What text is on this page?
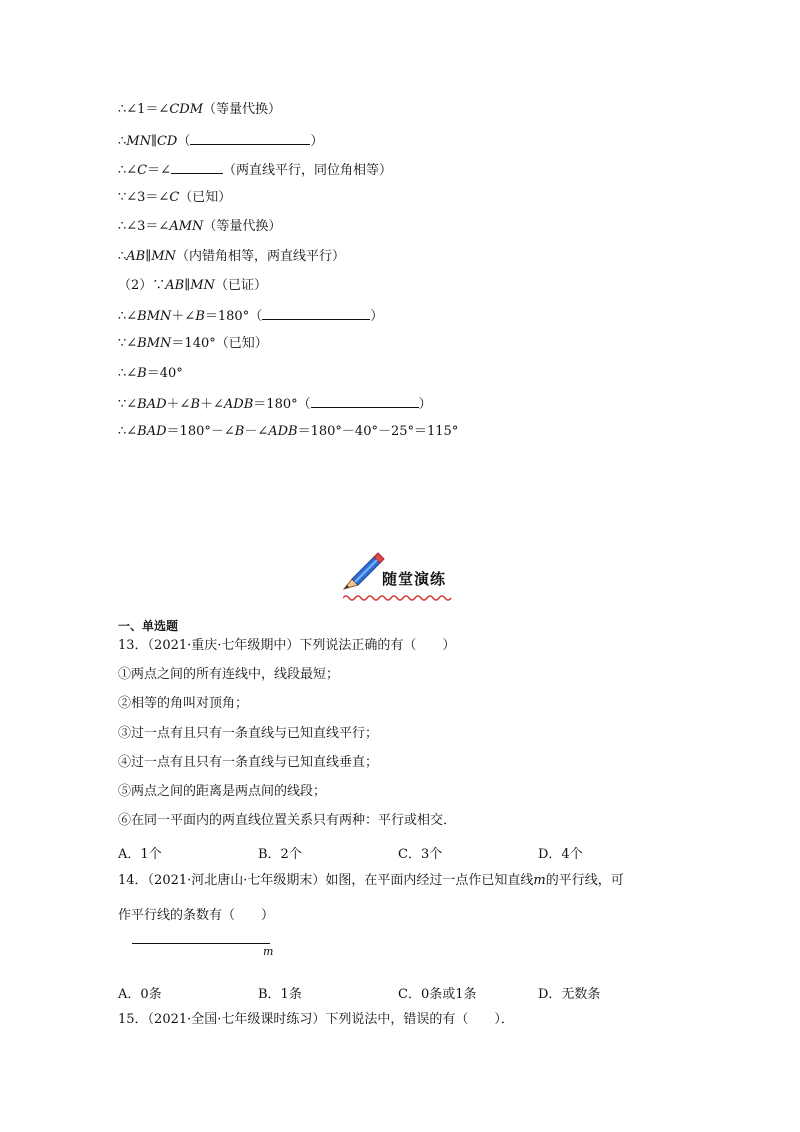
∴∠1＝∠CDM（等量代换）
∴MN∥CD（	）
∴∠C＝∠	（两直线平行，同位角相等）
∵∠3＝∠C（已知）
∴∠3＝∠AMN（等量代换）
∴AB∥MN（内错角相等，两直线平行）
（2）∵AB∥MN（已证）
∴∠BMN＋∠B＝180°（	）
∵∠BMN＝140°（已知）
∴∠B＝40°
∵∠BAD＋∠B＋∠ADB＝180°（	）
∴∠BAD＝180°－∠B－∠ADB＝180°－40°－25°＝115°
随堂演练
一、单选题
13．（2021·重庆·七年级期中）下列说法正确的有（　　）
①两点之间的所有连线中，线段最短；
②相等的角叫对顶角；
③过一点有且只有一条直线与已知直线平行；
④过一点有且只有一条直线与已知直线垂直；
⑤两点之间的距离是两点间的线段；
⑥在同一平面内的两直线位置关系只有两种：平行或相交．
A．1个	B．2个	C．3个	D．4个
14．（2021·河北唐山·七年级期末）如图，在平面内经过一点作已知直线m的平行线，可
作平行线的条数有（　　）
m
A．0条	B．1条	C．0条或1条	D．无数条
15．（2021·全国·七年级课时练习）下列说法中，错误的有（　　）．
